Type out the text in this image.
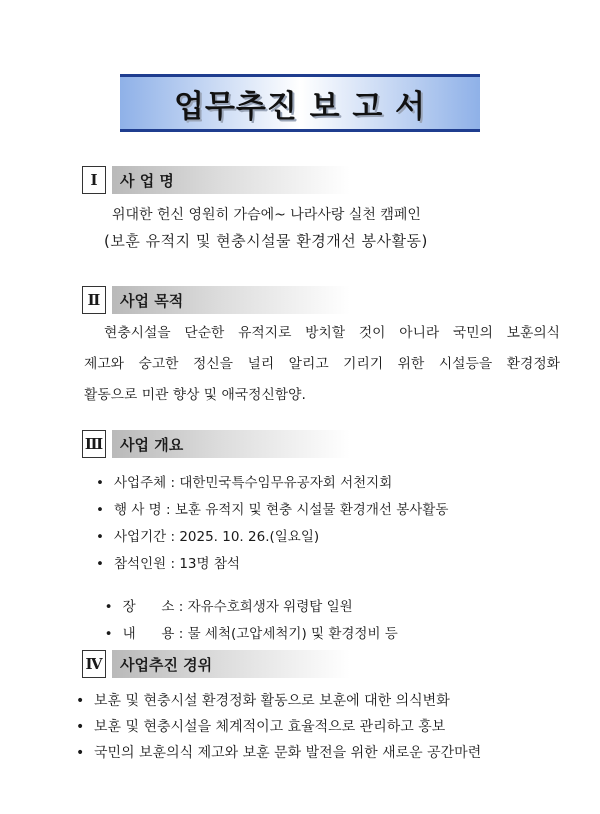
업무추진 보 고 서
Ⅰ	사 업 명
위대한 헌신 영원히 가슴에~ 나라사랑 실천 캠페인
(보훈 유적지 및 현충시설물 환경개선 봉사활동)
Ⅱ	사업 목적
현충시설을 단순한 유적지로 방치할 것이 아니라 국민의 보훈의식
제고와 숭고한 정신을 널리 알리고 기리기 위한 시설등을 환경정화
활동으로 미관 향상 및 애국정신함양.
Ⅲ	사업 개요
• 사업주체 : 대한민국특수임무유공자회 서천지회
• 행 사 명 : 보훈 유적지 및 현충 시설물 환경개선 봉사활동
• 사업기간 : 2025. 10. 26.(일요일)
• 참석인원 : 13명 참석

• 장      소 : 자유수호희생자 위령탑 일원

• 내      용 : 물 세척(고압세척기) 및 환경정비 등

Ⅳ	사업추진 경위
• 보훈 및 현충시설 환경정화 활동으로 보훈에 대한 의식변화
• 보훈 및 현충시설을 체계적이고 효율적으로 관리하고 홍보
• 국민의 보훈의식 제고와 보훈 문화 발전을 위한 새로운 공간마련
